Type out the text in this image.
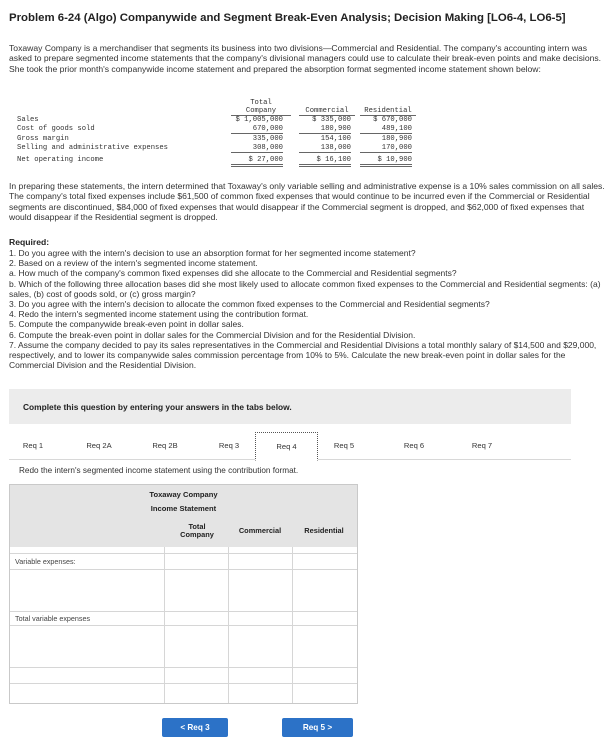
Problem 6-24 (Algo) Companywide and Segment Break-Even Analysis; Decision Making [LO6-4, LO6-5]
Toxaway Company is a merchandiser that segments its business into two divisions—Commercial and Residential. The company's accounting intern was asked to prepare segmented income statements that the company's divisional managers could use to calculate their break-even points and make decisions. She took the prior month's companywide income statement and prepared the absorption format segmented income statement shown below:
Total
Company	Commercial	Residential
Sales	$ 1,005,000	$ 335,000	$ 670,000
Cost of goods sold	670,000	180,900	489,100
Gross margin	335,000	154,100	180,900
Selling and administrative expenses	308,000	138,000	170,000
Net operating income	$ 27,000	$ 16,100	$ 10,900
In preparing these statements, the intern determined that Toxaway's only variable selling and administrative expense is a 10% sales commission on all sales. The company's total fixed expenses include $61,500 of common fixed expenses that would continue to be incurred even if the Commercial or Residential segments are discontinued, $84,000 of fixed expenses that would disappear if the Commercial segment is dropped, and $62,000 of fixed expenses that would disappear if the Residential segment is dropped.
Required:
1. Do you agree with the intern's decision to use an absorption format for her segmented income statement?
2. Based on a review of the intern's segmented income statement.
a. How much of the company's common fixed expenses did she allocate to the Commercial and Residential segments?
b. Which of the following three allocation bases did she most likely used to allocate common fixed expenses to the Commercial and Residential segments: (a) sales, (b) cost of goods sold, or (c) gross margin?
3. Do you agree with the intern's decision to allocate the common fixed expenses to the Commercial and Residential segments?
4. Redo the intern's segmented income statement using the contribution format.
5. Compute the companywide break-even point in dollar sales.
6. Compute the break-even point in dollar sales for the Commercial Division and for the Residential Division.
7. Assume the company decided to pay its sales representatives in the Commercial and Residential Divisions a total monthly salary of $14,500 and $29,000, respectively, and to lower its companywide sales commission percentage from 10% to 5%. Calculate the new break-even point in dollar sales for the Commercial Division and the Residential Division.
Complete this question by entering your answers in the tabs below.
Req 1	Req 2A	Req 2B	Req 3	Req 4	Req 5	Req 6	Req 7
Redo the intern's segmented income statement using the contribution format.
Toxaway Company
Income Statement
Total
Company	Commercial	Residential
Variable expenses:
Total variable expenses
< Req 3	Req 5 >
